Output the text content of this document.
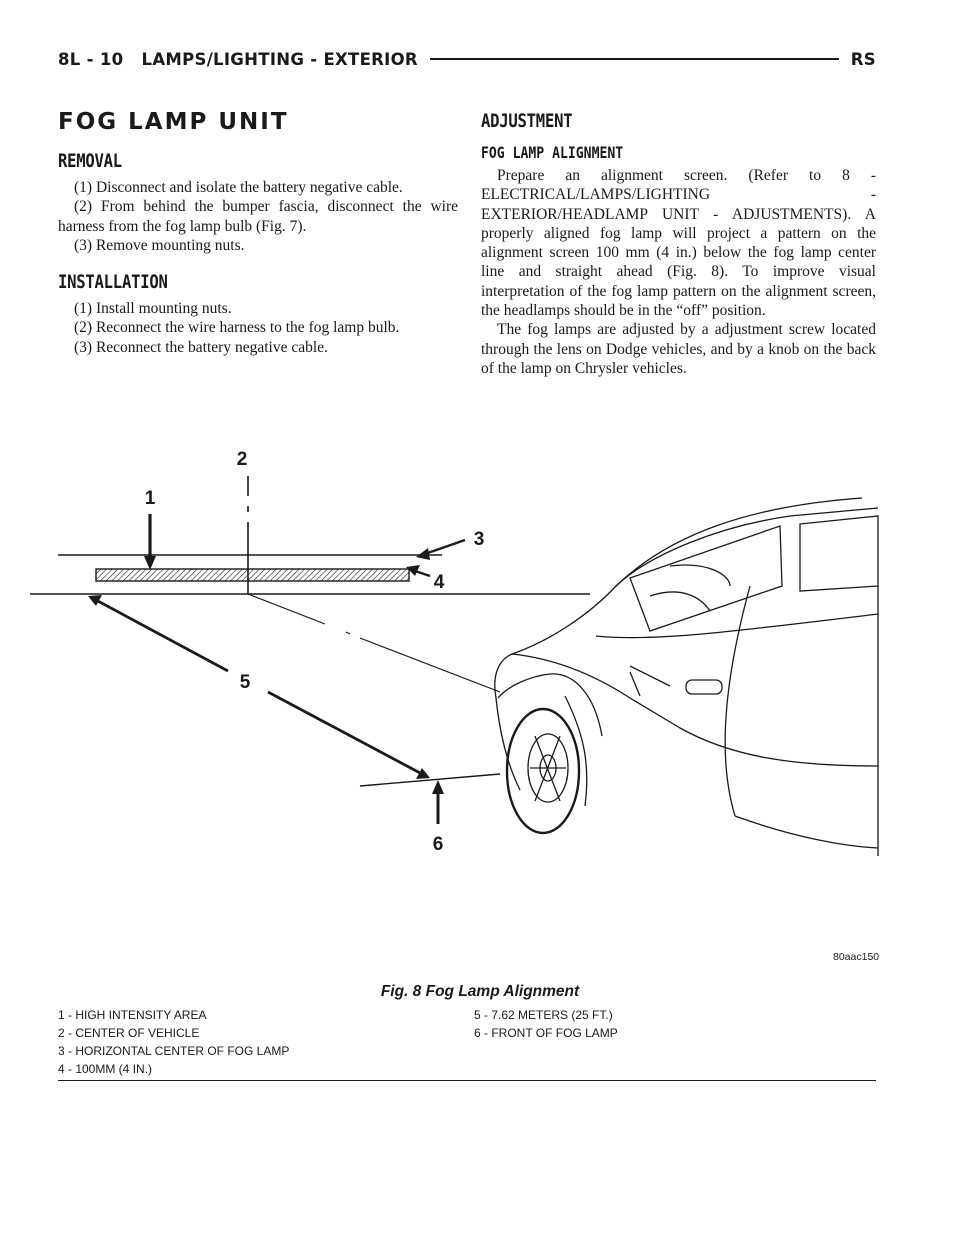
8L - 10 LAMPS/LIGHTING - EXTERIOR	RS
FOG LAMP UNIT
REMOVAL

(1) Disconnect and isolate the battery negative cable.

(2) From behind the bumper fascia, disconnect the wire harness from the fog lamp bulb (Fig. 7).

(3) Remove mounting nuts.

INSTALLATION

(1) Install mounting nuts.

(2) Reconnect the wire harness to the fog lamp bulb.

(3) Reconnect the battery negative cable.

ADJUSTMENT
FOG LAMP ALIGNMENT

Prepare an alignment screen. (Refer to 8 - ELECTRICAL/LAMPS/LIGHTING - EXTERIOR/HEADLAMP UNIT - ADJUSTMENTS). A properly aligned fog lamp will project a pattern on the alignment screen 100 mm (4 in.) below the fog lamp center line and straight ahead (Fig. 8). To improve visual interpretation of the fog lamp pattern on the alignment screen, the headlamps should be in the “off” position.

The fog lamps are adjusted by a adjustment screw located through the lens on Dodge vehicles, and by a knob on the back of the lamp on Chrysler vehicles.

1
2
3
4
5
6
80aac150
Fig. 8 Fog Lamp Alignment
1 - HIGH INTENSITY AREA
2 - CENTER OF VEHICLE
3 - HORIZONTAL CENTER OF FOG LAMP
4 - 100MM (4 IN.)
5 - 7.62 METERS (25 FT.)
6 - FRONT OF FOG LAMP
